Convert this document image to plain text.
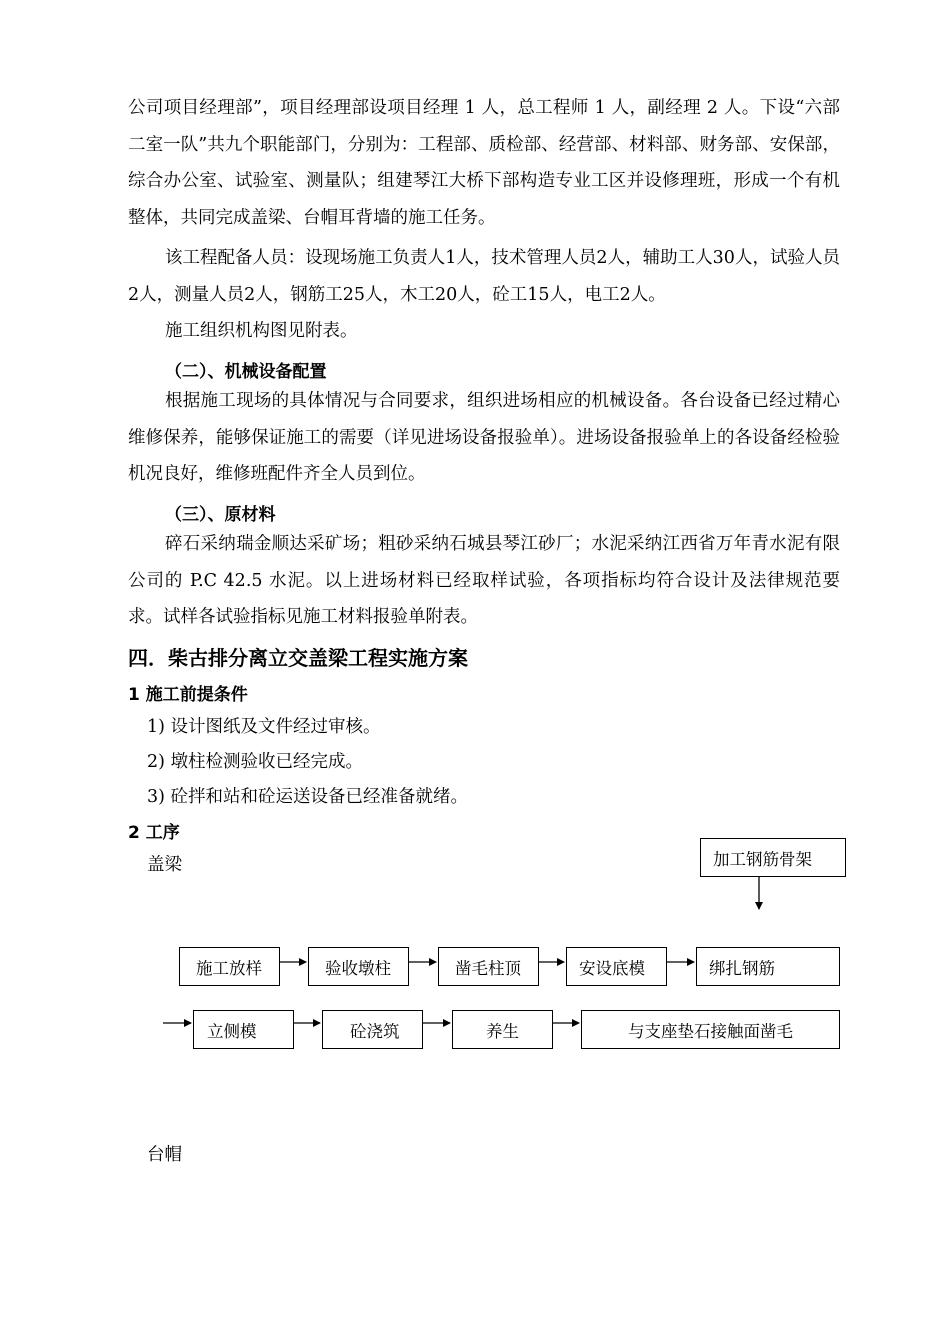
公司项目经理部”，项目经理部设项目经理 1 人，总工程师 1 人，副经理 2 人。下设“六部二室一队”共九个职能部门，分别为：工程部、质检部、经营部、材料部、财务部、安保部，综合办公室、试验室、测量队；组建琴江大桥下部构造专业工区并设修理班，形成一个有机整体，共同完成盖梁、台帽耳背墙的施工任务。

该工程配备人员：设现场施工负责人1人，技术管理人员2人，辅助工人30人，试验人员2人，测量人员2人，钢筋工25人，木工20人，砼工15人，电工2人。

施工组织机构图见附表。

（二）、机械设备配置

根据施工现场的具体情况与合同要求，组织进场相应的机械设备。各台设备已经过精心维修保养，能够保证施工的需要（详见进场设备报验单）。进场设备报验单上的各设备经检验机况良好，维修班配件齐全人员到位。

（三）、原材料

碎石采纳瑞金顺达采矿场；粗砂采纳石城县琴江砂厂；水泥采纳江西省万年青水泥有限公司的 P.C 42.5 水泥。以上进场材料已经取样试验，各项指标均符合设计及法律规范要求。试样各试验指标见施工材料报验单附表。

四．柴古排分离立交盖梁工程实施方案
1 施工前提条件
1) 设计图纸及文件经过审核。
2) 墩柱检测验收已经完成。
3) 砼拌和站和砼运送设备已经准备就绪。
2 工序
盖梁	加工钢筋骨架
施工放样	验收墩柱	凿毛柱顶	安设底模	绑扎钢筋
立侧模	砼浇筑	养生	与支座垫石接触面凿毛
台帽
